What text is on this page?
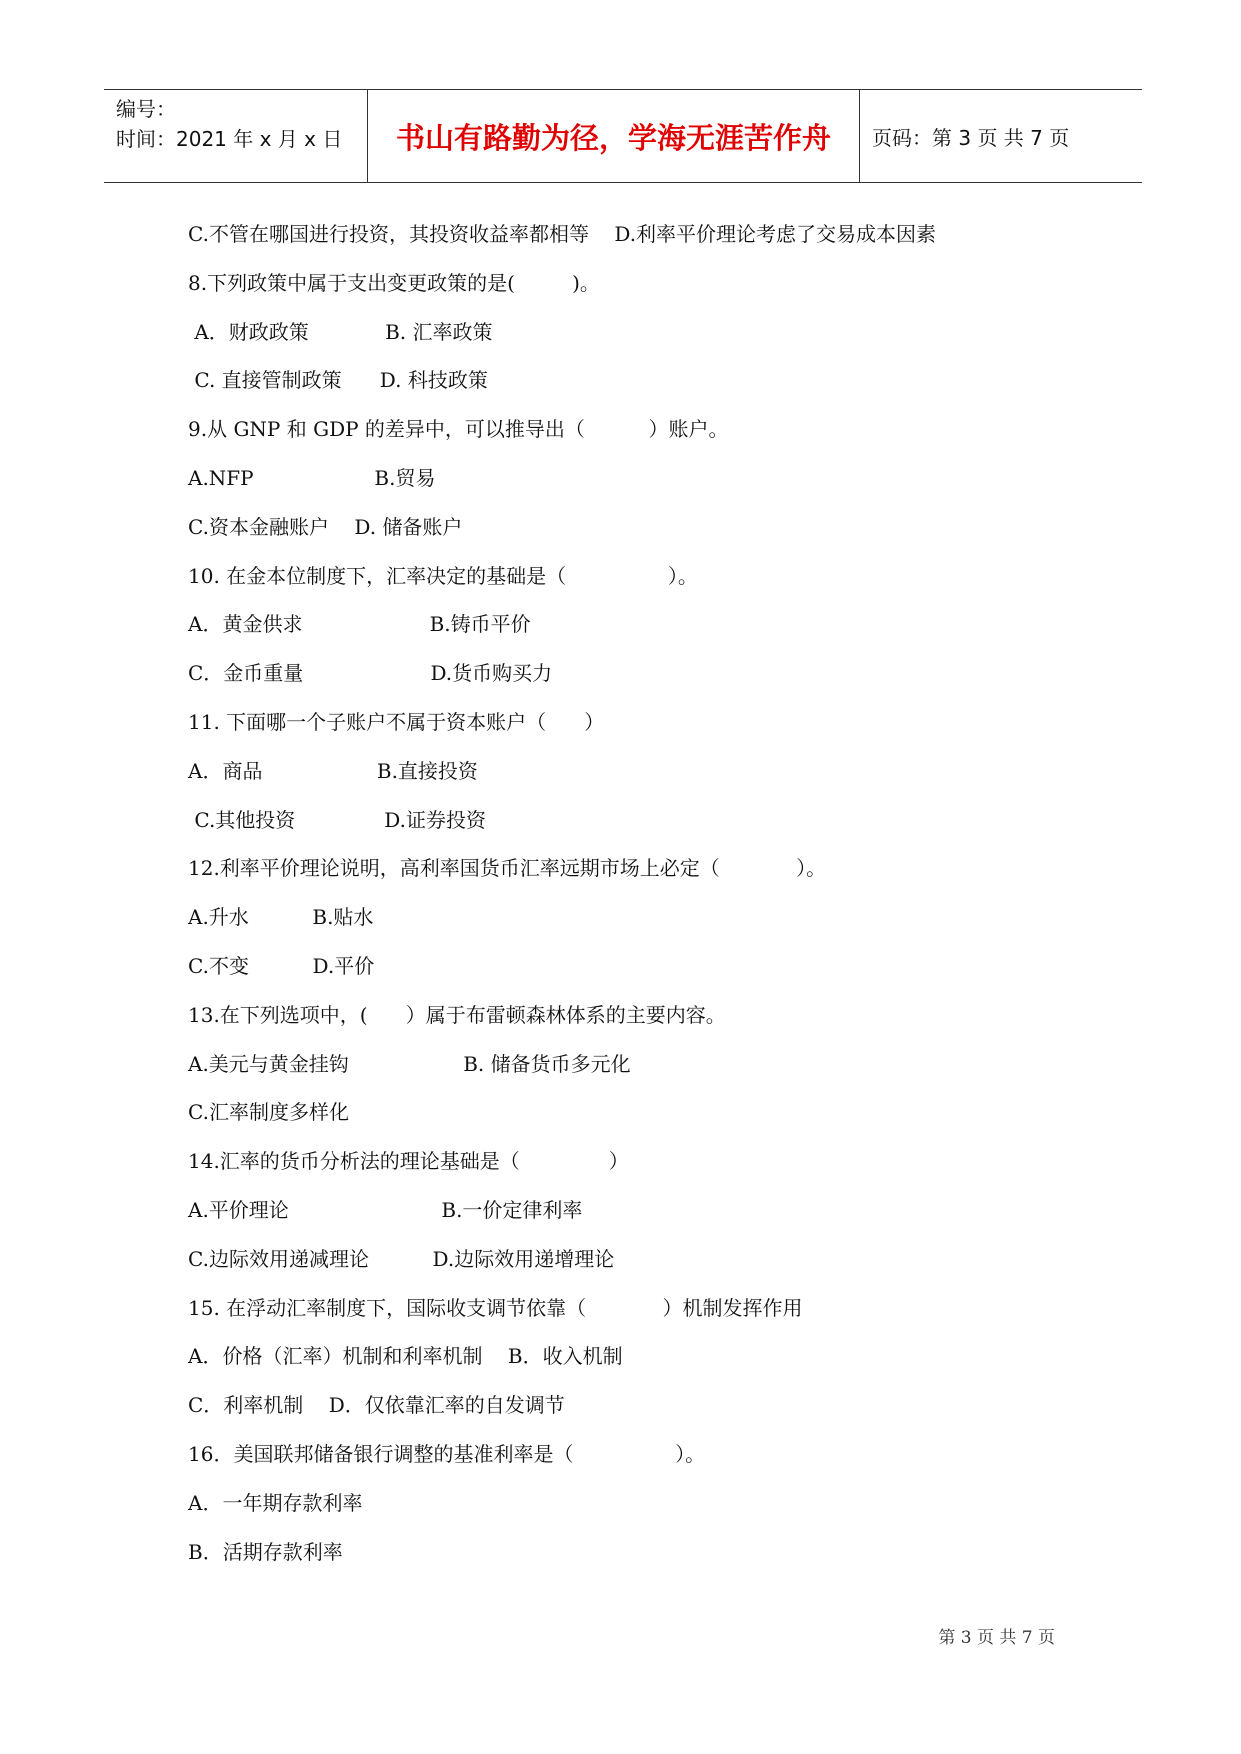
编号：
时间：2021 年 x 月 x 日	书山有路勤为径，学海无涯苦作舟	页码：第 3 页 共 7 页
C.不管在哪国进行投资，其投资收益率都相等    D.利率平价理论考虑了交易成本因素
8.下列政策中属于支出变更政策的是(         )。
A．财政政策            B. 汇率政策
C. 直接管制政策      D. 科技政策
9.从 GNP 和 GDP 的差异中，可以推导出（          ）账户。
A.NFP                   B.贸易
C.资本金融账户    D. 储备账户
10. 在金本位制度下，汇率决定的基础是（                ）。
A．黄金供求                    B.铸币平价
C．金币重量                    D.货币购买力
11. 下面哪一个子账户不属于资本账户（      ）
A．商品                  B.直接投资
C.其他投资              D.证券投资
12.利率平价理论说明，高利率国货币汇率远期市场上必定（            ）。
A.升水          B.贴水
C.不变          D.平价
13.在下列选项中，(      ）属于布雷顿森林体系的主要内容。
A.美元与黄金挂钩                  B. 储备货币多元化
C.汇率制度多样化
14.汇率的货币分析法的理论基础是（              ）
A.平价理论                        B.一价定律利率
C.边际效用递减理论          D.边际效用递增理论
15. 在浮动汇率制度下，国际收支调节依靠（            ）机制发挥作用
A．价格（汇率）机制和利率机制    B．收入机制
C．利率机制    D．仅依靠汇率的自发调节
16．美国联邦储备银行调整的基准利率是（                ）。
A．一年期存款利率
B．活期存款利率
第 3 页 共 7 页
